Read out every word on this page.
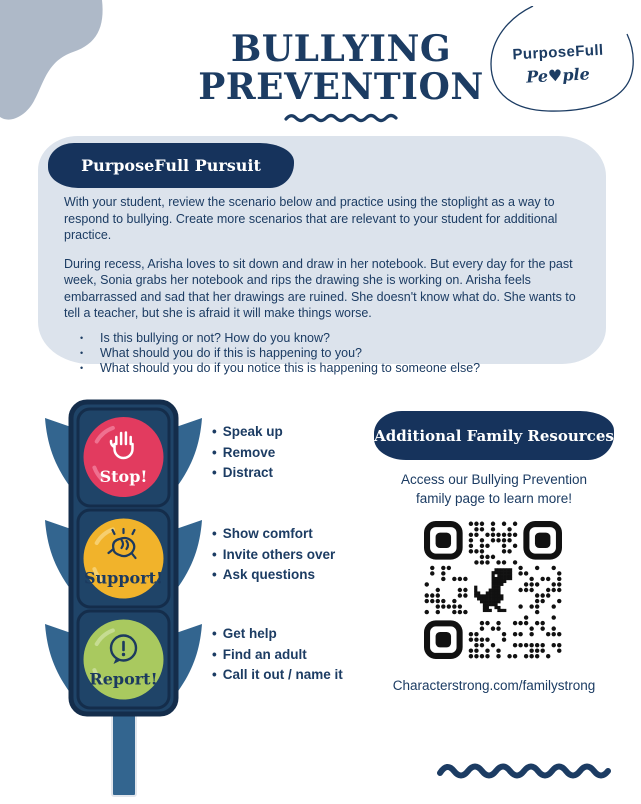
BULLYING
PREVENTION
PurposeFull
Pe♥ple

With your student, review the scenario below and practice using the stoplight as a way to respond to bullying. Create more scenarios that are relevant to your student for additional practice.

During recess, Arisha loves to sit down and draw in her notebook. But every day for the past week, Sonia grabs her notebook and rips the drawing she is working on. Arisha feels embarrassed and sad that her drawings are ruined. She doesn't know what do. She wants to tell a teacher, but she is afraid it will make things worse.

•	Is this bullying or not? How do you know?
•	What should you do if this is happening to you?
•	What should you do if you notice this is happening to someone else?
PurposeFull Pursuit
Stop!
Support!
Report!
• Speak up
• Remove
• Distract
• Show comfort
• Invite others over
• Ask questions
• Get help
• Find an adult
• Call it out / name it
Additional Family Resources
Access our Bullying Prevention family page to learn more!
Characterstrong.com/familystrong
